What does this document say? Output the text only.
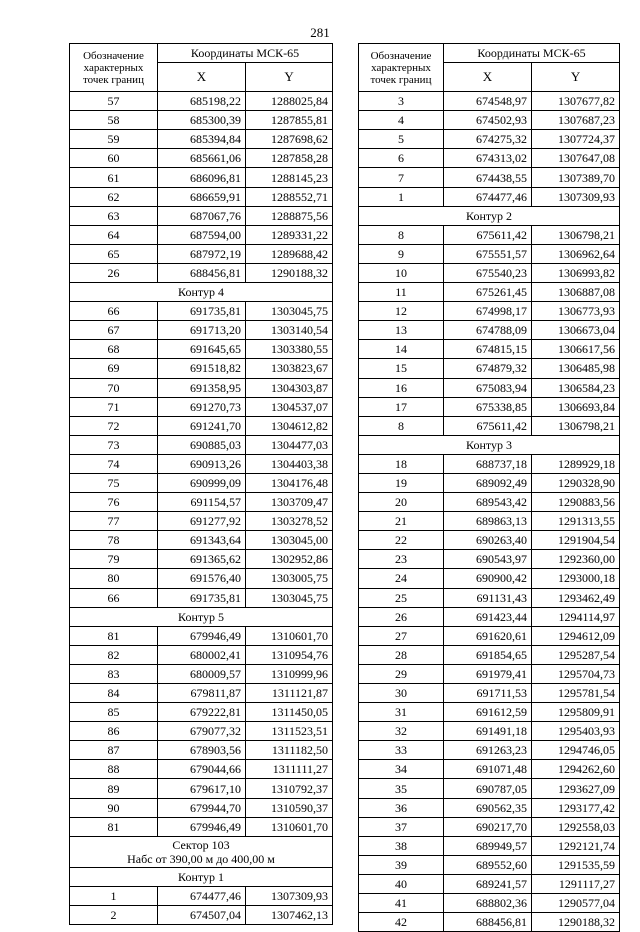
281
Обозначение характерных точек границ	Координаты МСК-65	
	X	Y
57	685198,22	1288025,84
58	685300,39	1287855,81
59	685394,84	1287698,62
60	685661,06	1287858,28
61	686096,81	1288145,23
62	686659,91	1288552,71
63	687067,76	1288875,56
64	687594,00	1289331,22
65	687972,19	1289688,42
26	688456,81	1290188,32
Контур 4		
66	691735,81	1303045,75
67	691713,20	1303140,54
68	691645,65	1303380,55
69	691518,82	1303823,67
70	691358,95	1304303,87
71	691270,73	1304537,07
72	691241,70	1304612,82
73	690885,03	1304477,03
74	690913,26	1304403,38
75	690999,09	1304176,48
76	691154,57	1303709,47
77	691277,92	1303278,52
78	691343,64	1303045,00
79	691365,62	1302952,86
80	691576,40	1303005,75
66	691735,81	1303045,75
Контур 5		
81	679946,49	1310601,70
82	680002,41	1310954,76
83	680009,57	1310999,96
84	679811,87	1311121,87
85	679222,81	1311450,05
86	679077,32	1311523,51
87	678903,56	1311182,50
88	679044,66	1311111,27
89	679617,10	1310792,37
90	679944,70	1310590,37
81	679946,49	1310601,70

Сектор 103
Набс от 390,00 м до 400,00 м		

Контур 1		
1	674477,46	1307309,93
2	674507,04	1307462,13
Обозначение характерных точек границ	Координаты МСК-65	
	X	Y
3	674548,97	1307677,82
4	674502,93	1307687,23
5	674275,32	1307724,37
6	674313,02	1307647,08
7	674438,55	1307389,70
1	674477,46	1307309,93
Контур 2		
8	675611,42	1306798,21
9	675551,57	1306962,64
10	675540,23	1306993,82
11	675261,45	1306887,08
12	674998,17	1306773,93
13	674788,09	1306673,04
14	674815,15	1306617,56
15	674879,32	1306485,98
16	675083,94	1306584,23
17	675338,85	1306693,84
8	675611,42	1306798,21
Контур 3		
18	688737,18	1289929,18
19	689092,49	1290328,90
20	689543,42	1290883,56
21	689863,13	1291313,55
22	690263,40	1291904,54
23	690543,97	1292360,00
24	690900,42	1293000,18
25	691131,43	1293462,49
26	691423,44	1294114,97
27	691620,61	1294612,09
28	691854,65	1295287,54
29	691979,41	1295704,73
30	691711,53	1295781,54
31	691612,59	1295809,91
32	691491,18	1295403,93
33	691263,23	1294746,05
34	691071,48	1294262,60
35	690787,05	1293627,09
36	690562,35	1293177,42
37	690217,70	1292558,03
38	689949,57	1292121,74
39	689552,60	1291535,59
40	689241,57	1291117,27
41	688802,36	1290577,04
42	688456,81	1290188,32
